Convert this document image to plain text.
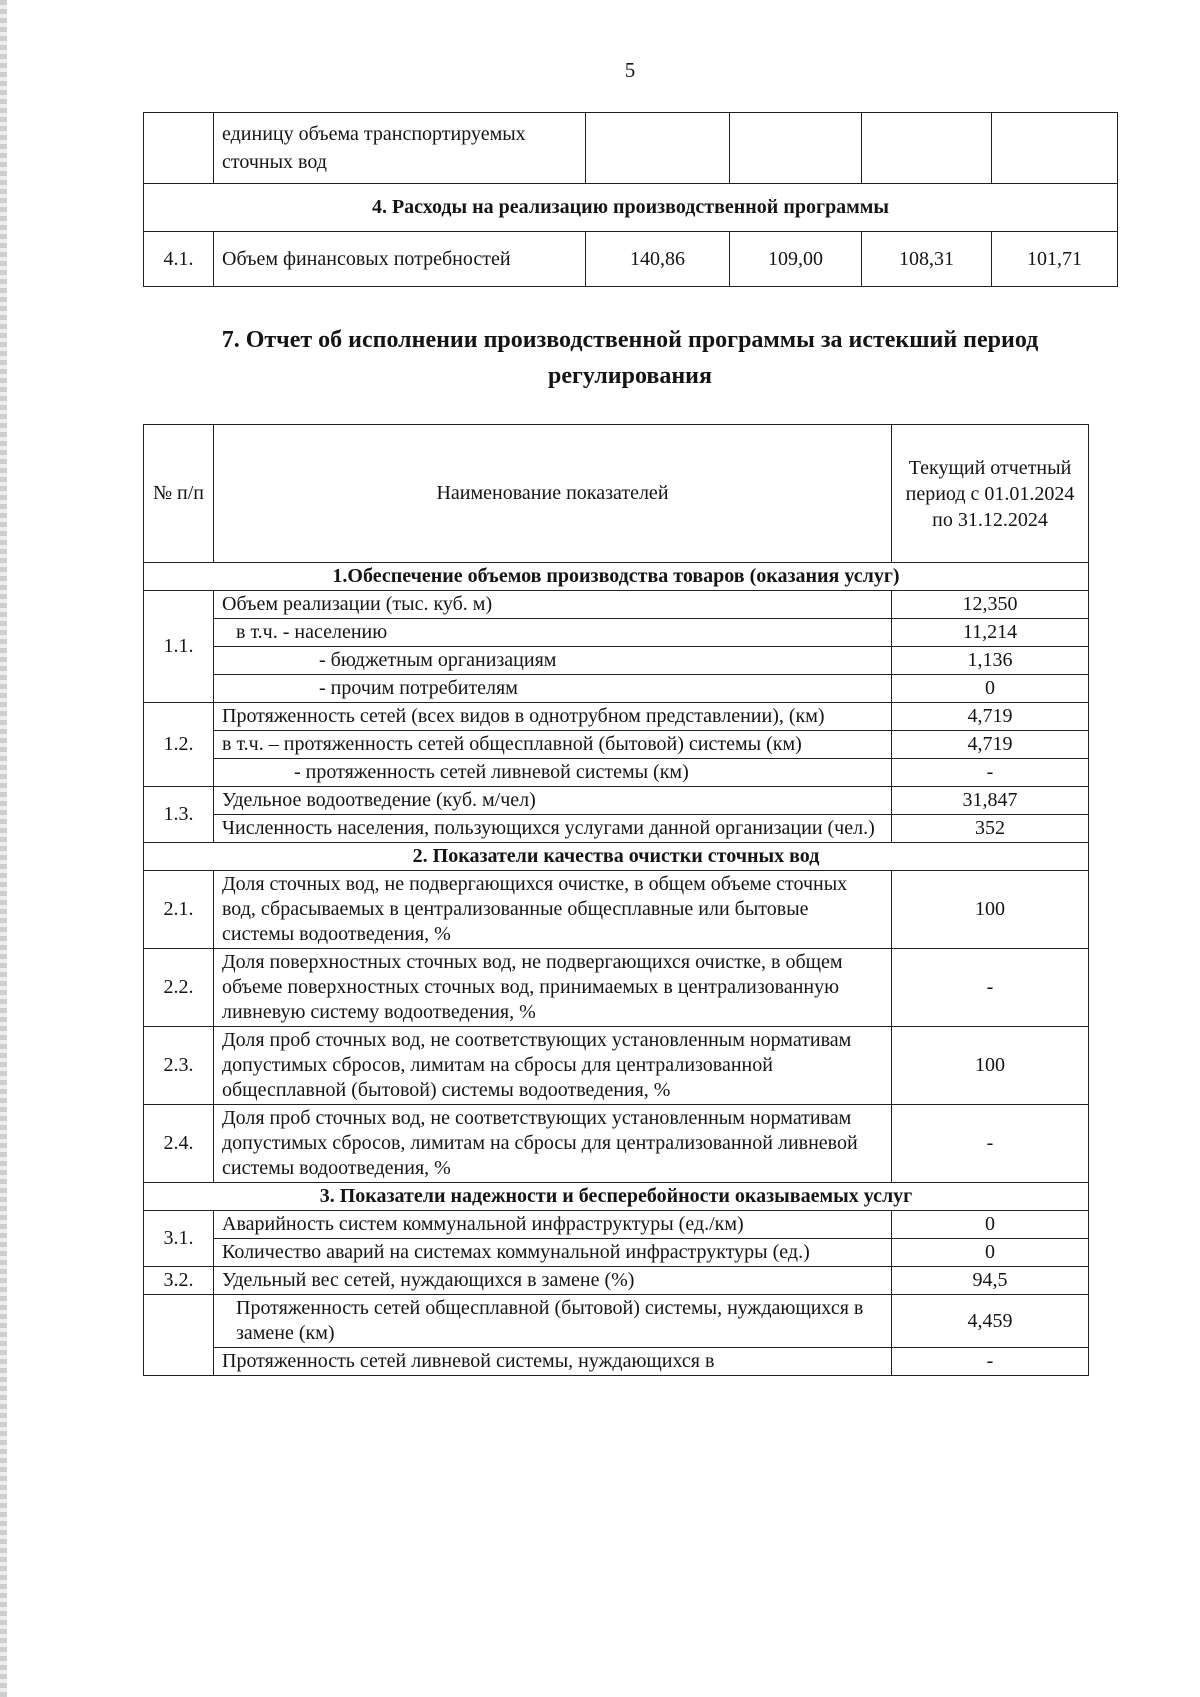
5
	единицу объема транспортируемых сточных вод				
4. Расходы на реализацию производственной программы					
4.1.	Объем финансовых потребностей	140,86	109,00	108,31	101,71
7. Отчет об исполнении производственной программы за истекший период регулирования
№ п/п	Наименование показателей	Текущий отчетный период с 01.01.2024 по 31.12.2024
1.Обеспечение объемов производства товаров (оказания услуг)		
1.1.	Объем реализации (тыс. куб. м)	12,350
	в т.ч. - населению	11,214
	- бюджетным организациям	1,136
	- прочим потребителям	0
1.2.	Протяженность сетей (всех видов в однотрубном представлении), (км)	4,719
	в т.ч. – протяженность сетей общесплавной (бытовой) системы (км)	4,719
	- протяженность сетей ливневой системы (км)	-
1.3.	Удельное водоотведение (куб. м/чел)	31,847
	Численность населения, пользующихся услугами данной организации (чел.)	352
2. Показатели качества очистки сточных вод		
2.1.	Доля сточных вод, не подвергающихся очистке, в общем объеме сточных вод, сбрасываемых в централизованные общесплавные или бытовые системы водоотведения, %	100
2.2.	Доля поверхностных сточных вод, не подвергающихся очистке, в общем объеме поверхностных сточных вод, принимаемых в централизованную ливневую систему водоотведения, %	-
2.3.	Доля проб сточных вод, не соответствующих установленным нормативам допустимых сбросов, лимитам на сбросы для централизованной общесплавной (бытовой) системы водоотведения, %	100
2.4.	Доля проб сточных вод, не соответствующих установленным нормативам допустимых сбросов, лимитам на сбросы для централизованной ливневой системы водоотведения, %	-
3. Показатели надежности и бесперебойности оказываемых услуг		
3.1.	Аварийность систем коммунальной инфраструктуры (ед./км)	0
	Количество аварий на системах коммунальной инфраструктуры (ед.)	0
3.2.	Удельный вес сетей, нуждающихся в замене (%)	94,5
	Протяженность сетей общесплавной (бытовой) системы, нуждающихся в замене (км)	4,459
	Протяженность сетей ливневой системы, нуждающихся в	-
